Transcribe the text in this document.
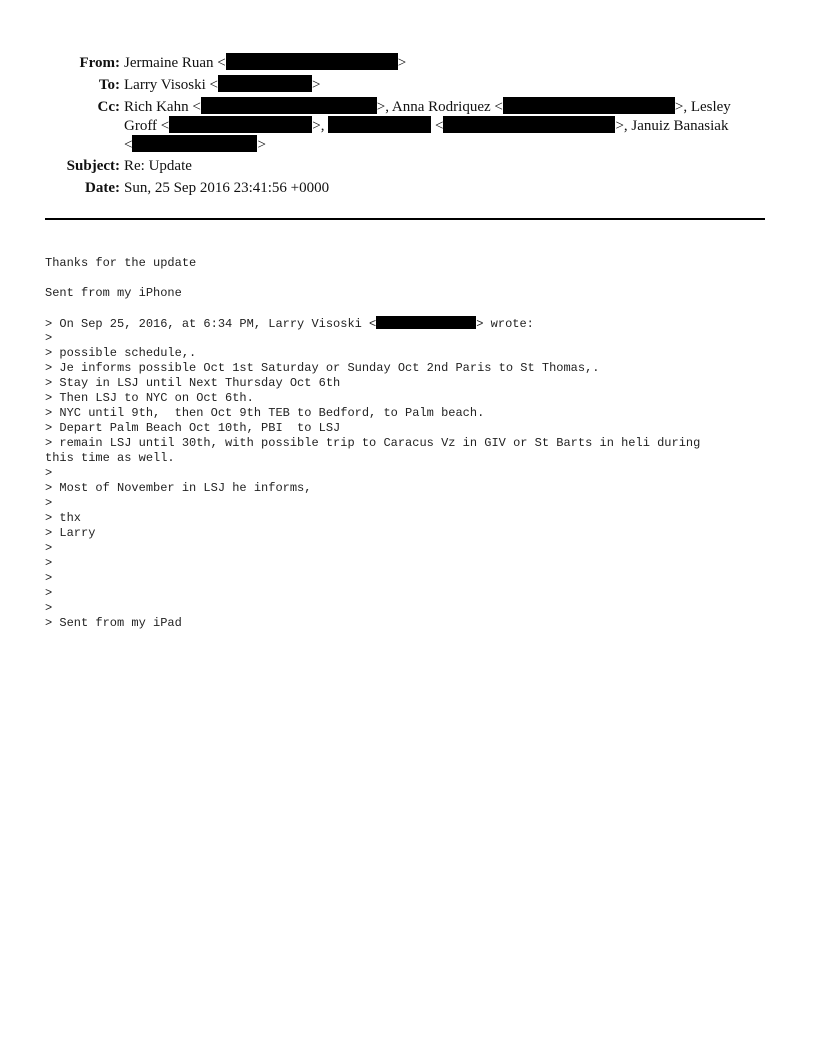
From: Jermaine Ruan <	>
To: Larry Visoski <	>
Cc: Rich Kahn <	>, Anna Rodriquez <	>, Lesley
Groff <	>,	<	>, Januiz Banasiak
<	>
Subject: Re: Update
Date: Sun, 25 Sep 2016 23:41:56 +0000

Thanks for the update
Sent from my iPhone
> On Sep 25, 2016, at 6:34 PM, Larry Visoski <	> wrote:
>
> possible schedule,.
> Je informs possible Oct 1st Saturday or Sunday Oct 2nd Paris to St Thomas,.
> Stay in LSJ until Next Thursday Oct 6th
> Then LSJ to NYC on Oct 6th.
> NYC until 9th,  then Oct 9th TEB to Bedford, to Palm beach.
> Depart Palm Beach Oct 10th, PBI  to LSJ
> remain LSJ until 30th, with possible trip to Caracus Vz in GIV or St Barts in heli during
this time as well.
>
> Most of November in LSJ he informs,
>
> thx
> Larry
>
>
>
>
>
> Sent from my iPad
